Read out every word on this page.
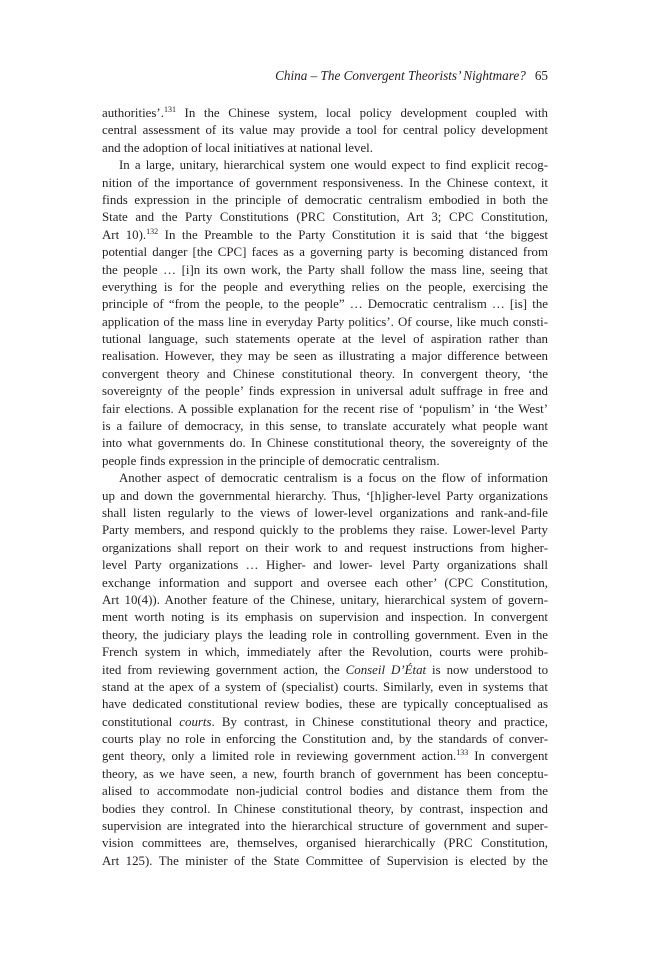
China – The Convergent Theorists’ Nightmare? 65
authorities’.$^{131}$ In the Chinese system, local policy development coupled with
central assessment of its value may provide a tool for central policy development
and the adoption of local initiatives at national level.
In a large, unitary, hierarchical system one would expect to find explicit recog-
nition of the importance of government responsiveness. In the Chinese context, it
finds expression in the principle of democratic centralism embodied in both the
State and the Party Constitutions (PRC Constitution, Art 3; CPC Constitution,
Art 10).$^{132}$ In the Preamble to the Party Constitution it is said that ‘the biggest
potential danger [the CPC] faces as a governing party is becoming distanced from
the people … [i]n its own work, the Party shall follow the mass line, seeing that
everything is for the people and everything relies on the people, exercising the
principle of “from the people, to the people” … Democratic centralism … [is] the
application of the mass line in everyday Party politics’. Of course, like much consti-
tutional language, such statements operate at the level of aspiration rather than
realisation. However, they may be seen as illustrating a major difference between
convergent theory and Chinese constitutional theory. In convergent theory, ‘the
sovereignty of the people’ finds expression in universal adult suffrage in free and
fair elections. A possible explanation for the recent rise of ‘populism’ in ‘the West’
is a failure of democracy, in this sense, to translate accurately what people want
into what governments do. In Chinese constitutional theory, the sovereignty of the
people finds expression in the principle of democratic centralism.
Another aspect of democratic centralism is a focus on the flow of information
up and down the governmental hierarchy. Thus, ‘[h]igher-level Party organizations
shall listen regularly to the views of lower-level organizations and rank-and-file
Party members, and respond quickly to the problems they raise. Lower-level Party
organizations shall report on their work to and request instructions from higher-
level Party organizations … Higher- and lower- level Party organizations shall
exchange information and support and oversee each other’ (CPC Constitution,
Art 10(4)). Another feature of the Chinese, unitary, hierarchical system of govern-
ment worth noting is its emphasis on supervision and inspection. In convergent
theory, the judiciary plays the leading role in controlling government. Even in the
French system in which, immediately after the Revolution, courts were prohib-
ited from reviewing government action, the Conseil D’État is now understood to
stand at the apex of a system of (specialist) courts. Similarly, even in systems that
have dedicated constitutional review bodies, these are typically conceptualised as
constitutional courts. By contrast, in Chinese constitutional theory and practice,
courts play no role in enforcing the Constitution and, by the standards of conver-
gent theory, only a limited role in reviewing government action.$^{133}$ In convergent
theory, as we have seen, a new, fourth branch of government has been conceptu-
alised to accommodate non-judicial control bodies and distance them from the
bodies they control. In Chinese constitutional theory, by contrast, inspection and
supervision are integrated into the hierarchical structure of government and super-
vision committees are, themselves, organised hierarchically (PRC Constitution,
Art 125). The minister of the State Committee of Supervision is elected by the
